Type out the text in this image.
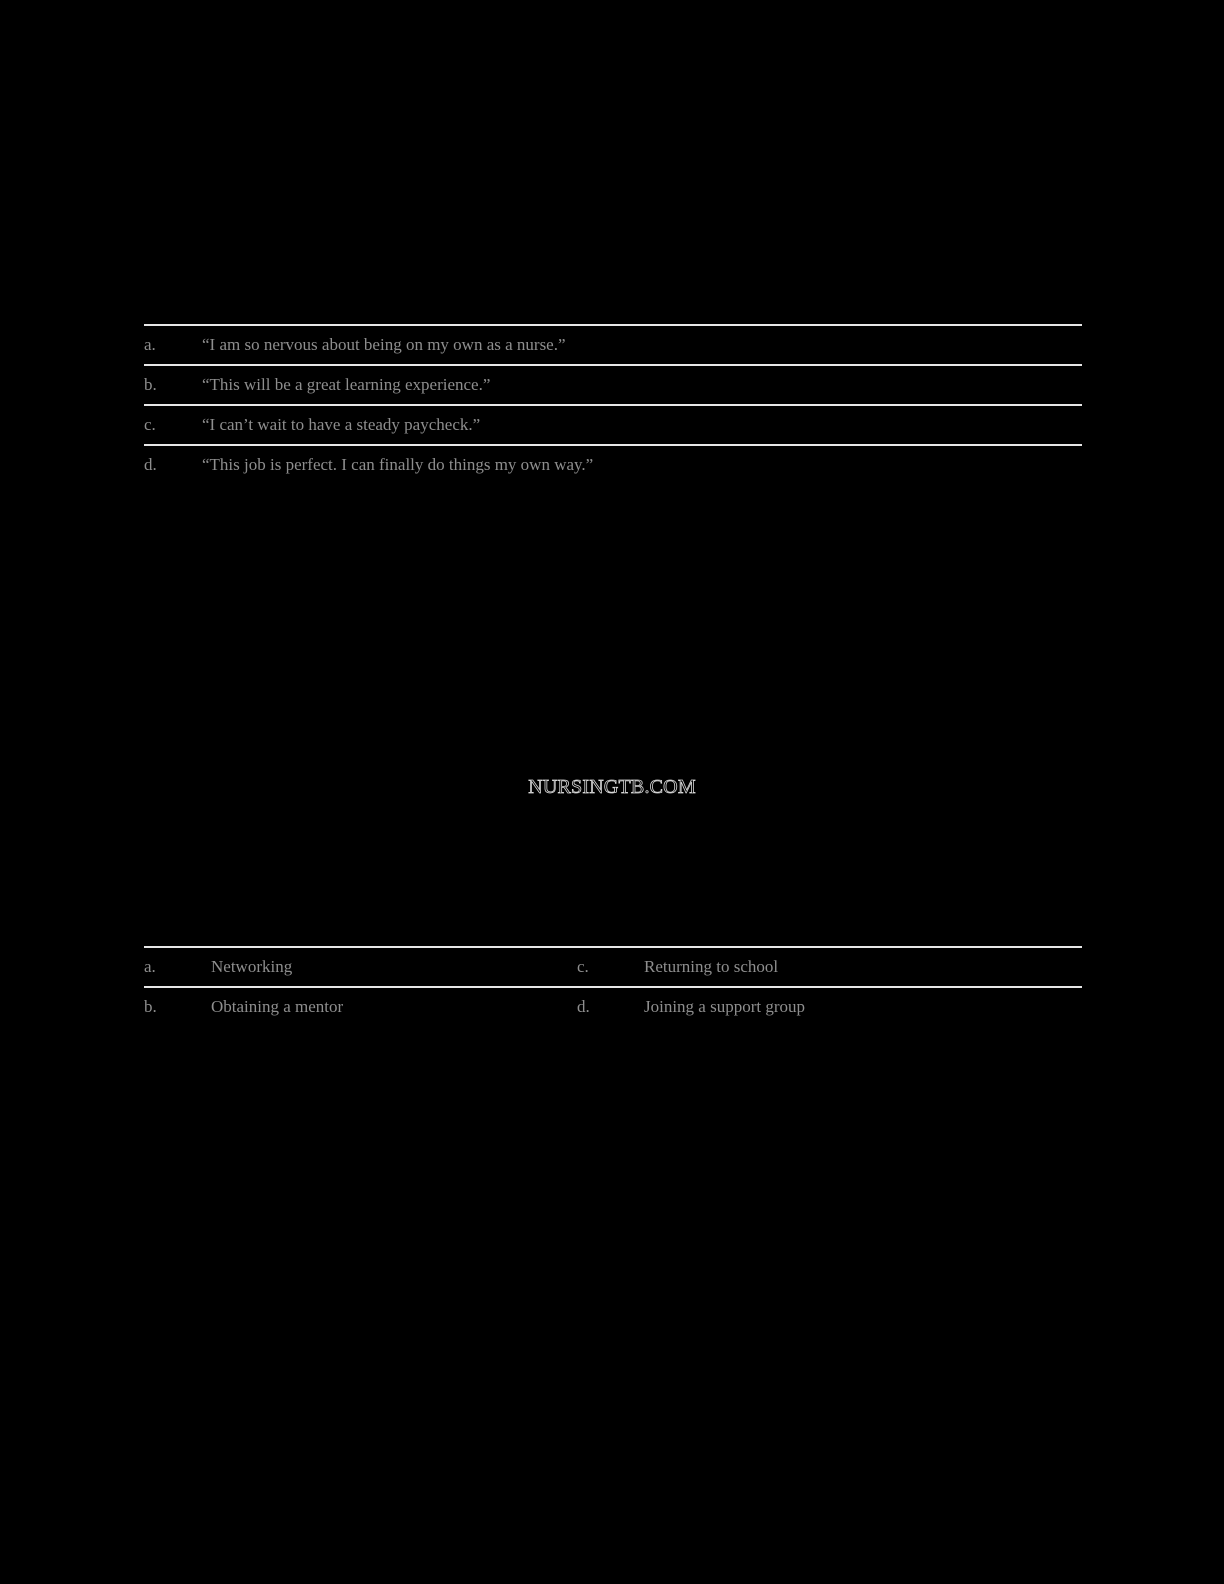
a.	“I am so nervous about being on my own as a nurse.”
b.	“This will be a great learning experience.”
c.	“I can’t wait to have a steady paycheck.”
d.	“This job is perfect. I can finally do things my own way.”
NURSINGTB.COM
a.	Networking	c.	Returning to school
b.	Obtaining a mentor	d.	Joining a support group
